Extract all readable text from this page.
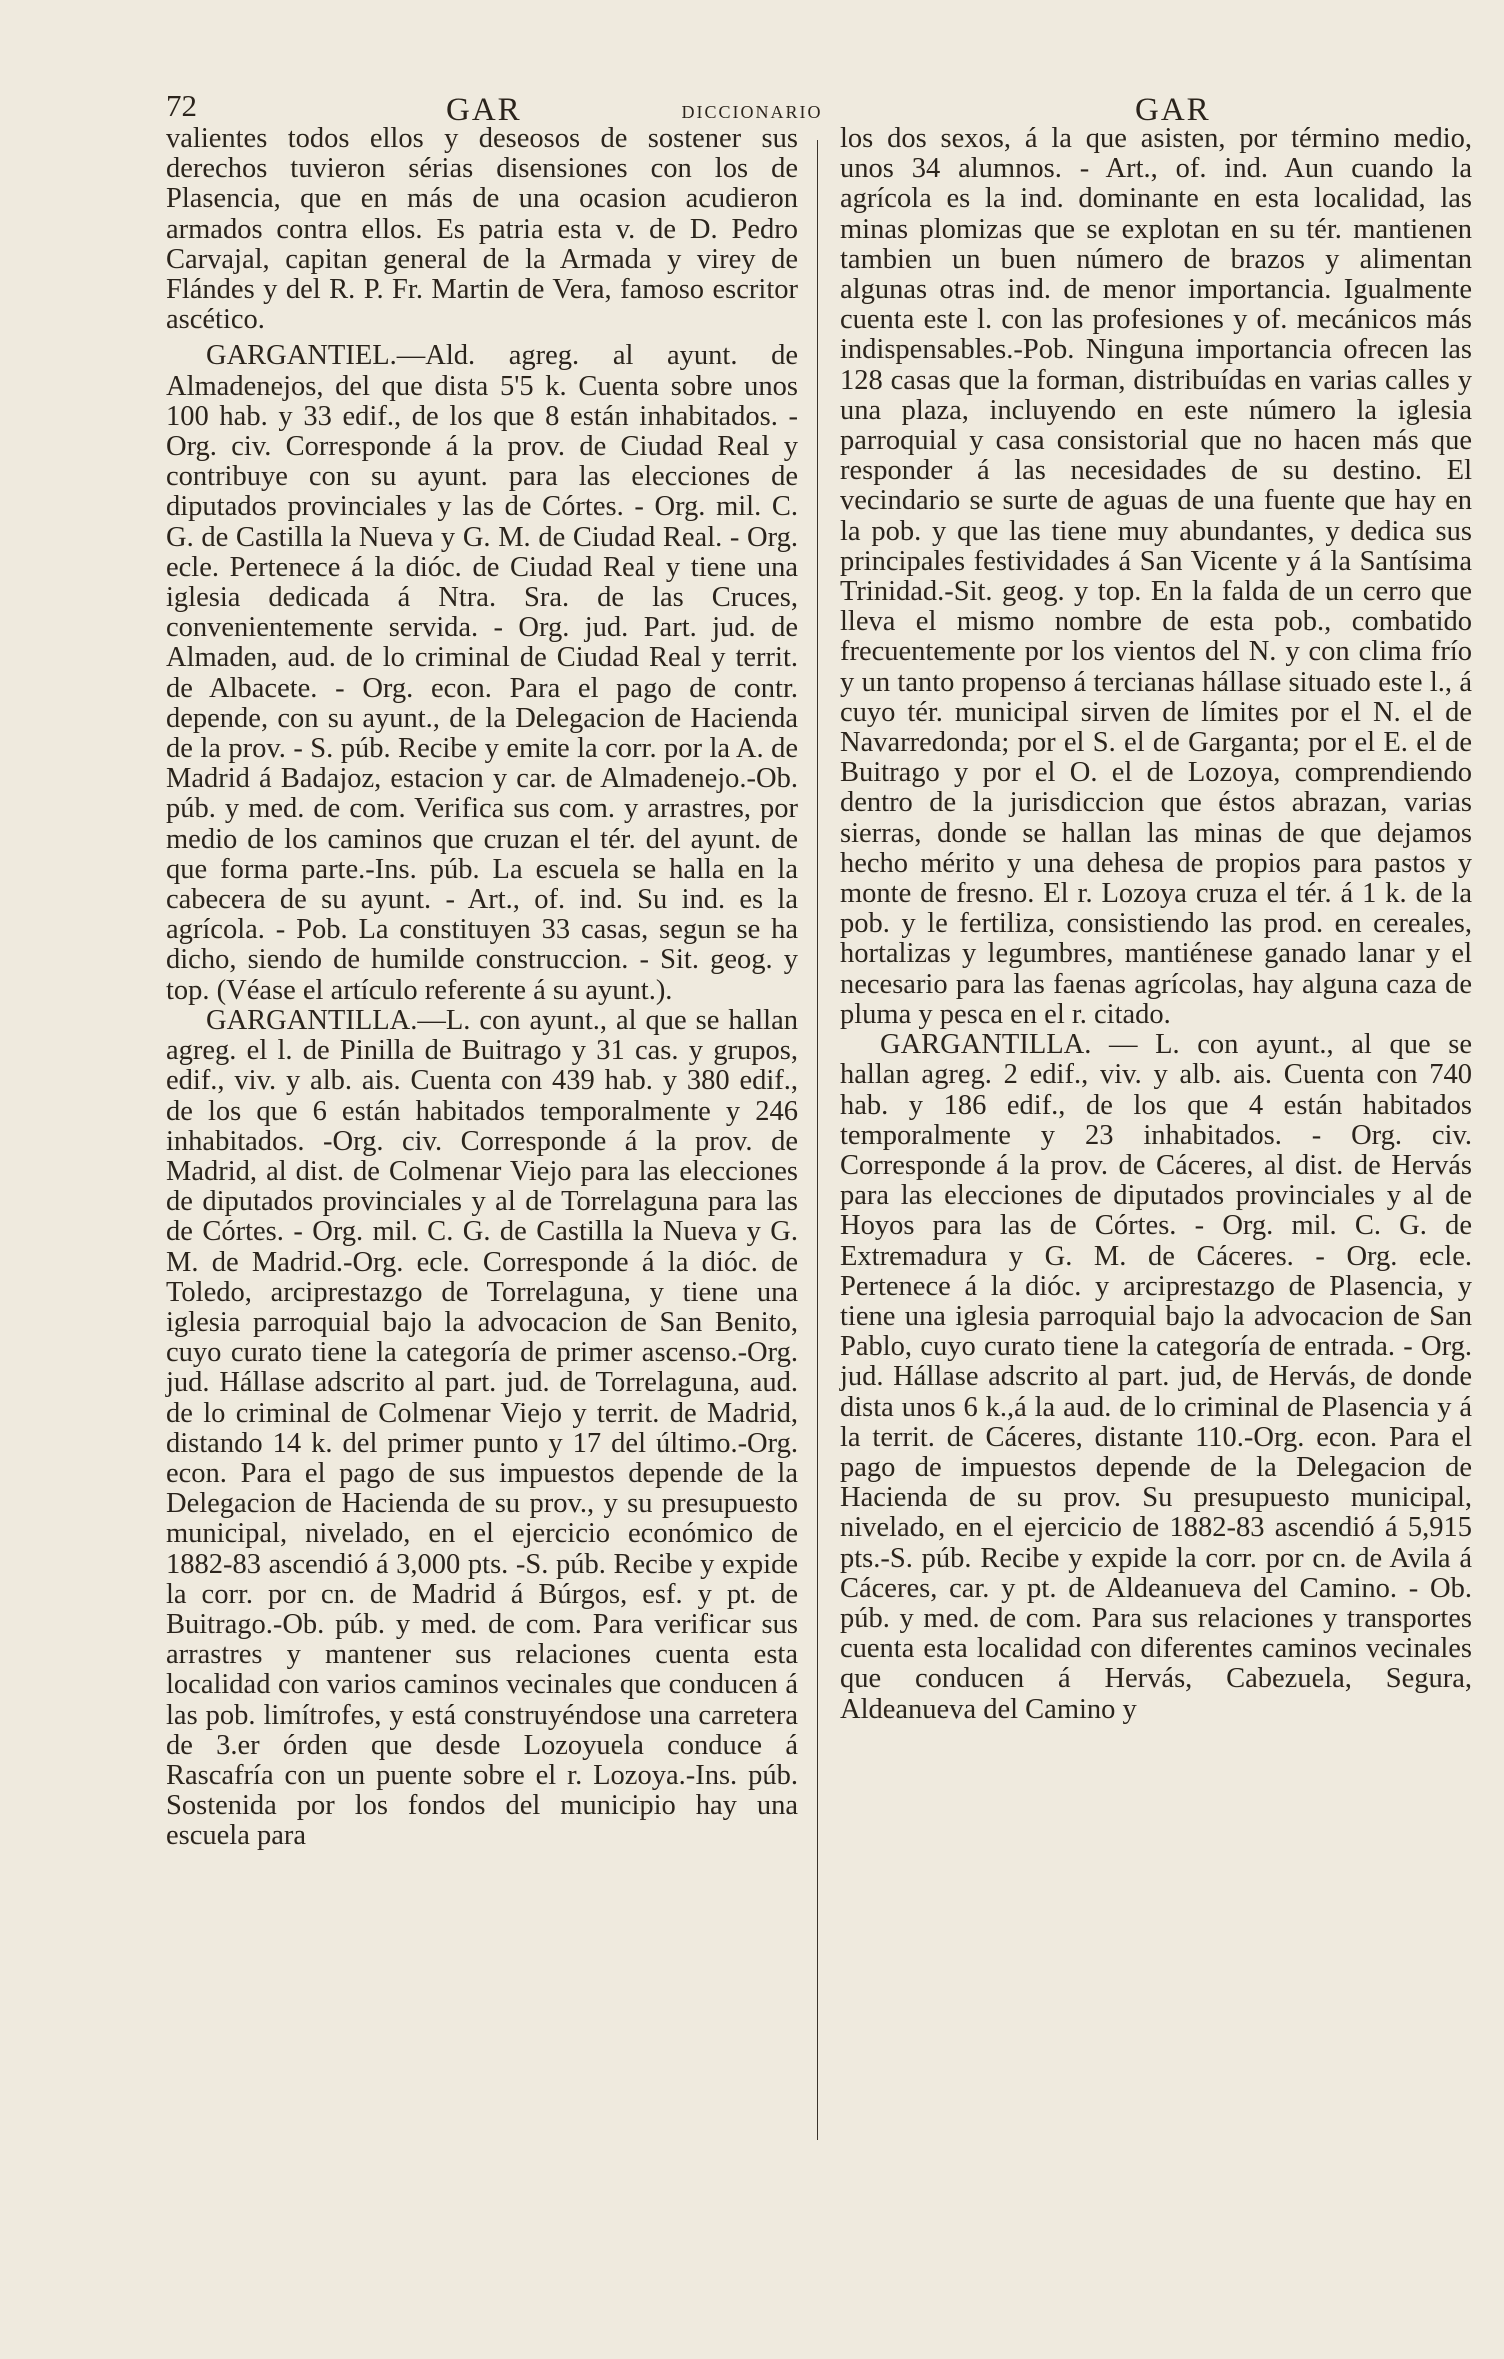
72	GAR	DICCIONARIO	GAR

valientes todos ellos y deseosos de sostener sus derechos tuvieron sérias disensiones con los de Plasencia, que en más de una ocasion acudieron armados contra ellos. Es patria esta v. de D. Pedro Carvajal, capitan general de la Armada y virey de Flándes y del R. P. Fr. Martin de Vera, famoso escritor ascético.

GARGANTIEL.—Ald. agreg. al ayunt. de Almadenejos, del que dista 5'5 k. Cuenta sobre unos 100 hab. y 33 edif., de los que 8 están inhabitados. - Org. civ. Corresponde á la prov. de Ciudad Real y contribuye con su ayunt. para las elecciones de diputados provinciales y las de Córtes. - Org. mil. C. G. de Castilla la Nueva y G. M. de Ciudad Real. - Org. ecle. Pertenece á la dióc. de Ciudad Real y tiene una iglesia dedicada á Ntra. Sra. de las Cruces, convenientemente servida. - Org. jud. Part. jud. de Almaden, aud. de lo criminal de Ciudad Real y territ. de Albacete. - Org. econ. Para el pago de contr. depende, con su ayunt., de la Delegacion de Hacienda de la prov. - S. púb. Recibe y emite la corr. por la A. de Madrid á Badajoz, estacion y car. de Almadenejo.-Ob. púb. y med. de com. Verifica sus com. y arrastres, por medio de los caminos que cruzan el tér. del ayunt. de que forma parte.-Ins. púb. La escuela se halla en la cabecera de su ayunt. - Art., of. ind. Su ind. es la agrícola. - Pob. La constituyen 33 casas, segun se ha dicho, siendo de humilde construccion. - Sit. geog. y top. (Véase el artículo referente á su ayunt.).

GARGANTILLA.—L. con ayunt., al que se hallan agreg. el l. de Pinilla de Buitrago y 31 cas. y grupos, edif., viv. y alb. ais. Cuenta con 439 hab. y 380 edif., de los que 6 están habitados temporalmente y 246 inhabitados. -Org. civ. Corresponde á la prov. de Madrid, al dist. de Colmenar Viejo para las elecciones de diputados provinciales y al de Torrelaguna para las de Córtes. - Org. mil. C. G. de Castilla la Nueva y G. M. de Madrid.-Org. ecle. Corresponde á la dióc. de Toledo, arciprestazgo de Torrelaguna, y tiene una iglesia parroquial bajo la advocacion de San Benito, cuyo curato tiene la categoría de primer ascenso.-Org. jud. Hállase adscrito al part. jud. de Torrelaguna, aud. de lo criminal de Colmenar Viejo y territ. de Madrid, distando 14 k. del primer punto y 17 del último.-Org. econ. Para el pago de sus impuestos depende de la Delegacion de Hacienda de su prov., y su presupuesto municipal, nivelado, en el ejercicio económico de 1882-83 ascendió á 3,000 pts. -S. púb. Recibe y expide la corr. por cn. de Madrid á Búrgos, esf. y pt. de Buitrago.-Ob. púb. y med. de com. Para verificar sus arrastres y mantener sus relaciones cuenta esta localidad con varios caminos vecinales que conducen á las pob. limítrofes, y está construyéndose una carretera de 3.er órden que desde Lozoyuela conduce á Rascafría con un puente sobre el r. Lozoya.-Ins. púb. Sostenida por los fondos del municipio hay una escuela para

los dos sexos, á la que asisten, por término medio, unos 34 alumnos. - Art., of. ind. Aun cuando la agrícola es la ind. dominante en esta localidad, las minas plomizas que se explotan en su tér. mantienen tambien un buen número de brazos y alimentan algunas otras ind. de menor importancia. Igualmente cuenta este l. con las profesiones y of. mecánicos más indispensables.-Pob. Ninguna importancia ofrecen las 128 casas que la forman, distribuídas en varias calles y una plaza, incluyendo en este número la iglesia parroquial y casa consistorial que no hacen más que responder á las necesidades de su destino. El vecindario se surte de aguas de una fuente que hay en la pob. y que las tiene muy abundantes, y dedica sus principales festividades á San Vicente y á la Santísima Trinidad.-Sit. geog. y top. En la falda de un cerro que lleva el mismo nombre de esta pob., combatido frecuentemente por los vientos del N. y con clima frío y un tanto propenso á tercianas hállase situado este l., á cuyo tér. municipal sirven de límites por el N. el de Navarredonda; por el S. el de Garganta; por el E. el de Buitrago y por el O. el de Lozoya, comprendiendo dentro de la jurisdiccion que éstos abrazan, varias sierras, donde se hallan las minas de que dejamos hecho mérito y una dehesa de propios para pastos y monte de fresno. El r. Lozoya cruza el tér. á 1 k. de la pob. y le fertiliza, consistiendo las prod. en cereales, hortalizas y legumbres, mantiénese ganado lanar y el necesario para las faenas agrícolas, hay alguna caza de pluma y pesca en el r. citado.

GARGANTILLA. — L. con ayunt., al que se hallan agreg. 2 edif., viv. y alb. ais. Cuenta con 740 hab. y 186 edif., de los que 4 están habitados temporalmente y 23 inhabitados. - Org. civ. Corresponde á la prov. de Cáceres, al dist. de Hervás para las elecciones de diputados provinciales y al de Hoyos para las de Córtes. - Org. mil. C. G. de Extremadura y G. M. de Cáceres. - Org. ecle. Pertenece á la dióc. y arciprestazgo de Plasencia, y tiene una iglesia parroquial bajo la advocacion de San Pablo, cuyo curato tiene la categoría de entrada. - Org. jud. Hállase adscrito al part. jud, de Hervás, de donde dista unos 6 k.,á la aud. de lo criminal de Plasencia y á la territ. de Cáceres, distante 110.-Org. econ. Para el pago de impuestos depende de la Delegacion de Hacienda de su prov. Su presupuesto municipal, nivelado, en el ejercicio de 1882-83 ascendió á 5,915 pts.-S. púb. Recibe y expide la corr. por cn. de Avila á Cáceres, car. y pt. de Aldeanueva del Camino. - Ob. púb. y med. de com. Para sus relaciones y transportes cuenta esta localidad con diferentes caminos vecinales que conducen á Hervás, Cabezuela, Segura, Aldeanueva del Camino y
